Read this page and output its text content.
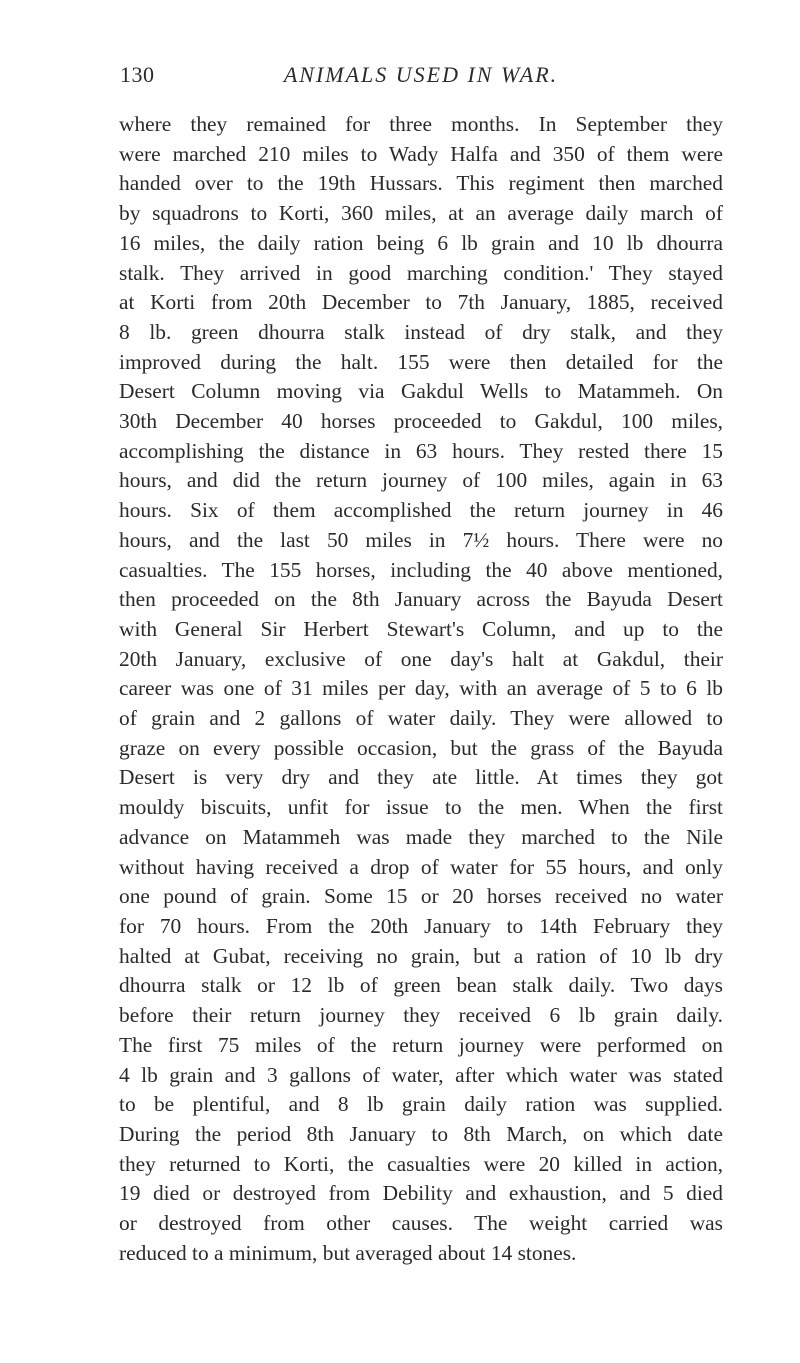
130	ANIMALS USED IN WAR.

where they remained for three months. In September they
were marched 210 miles to Wady Halfa and 350 of them were
handed over to the 19th Hussars. This regiment then marched
by squadrons to Korti, 360 miles, at an average daily march of
16 miles, the daily ration being 6 lb grain and 10 lb dhourra
stalk. They arrived in good marching condition.' They stayed
at Korti from 20th December to 7th January, 1885, received
8 lb. green dhourra stalk instead of dry stalk, and they
improved during the halt. 155 were then detailed for the
Desert Column moving via Gakdul Wells to Matammeh. On
30th December 40 horses proceeded to Gakdul, 100 miles,
accomplishing the distance in 63 hours. They rested there 15
hours, and did the return journey of 100 miles, again in 63
hours. Six of them accomplished the return journey in 46
hours, and the last 50 miles in 7½ hours. There were no
casualties. The 155 horses, including the 40 above mentioned,
then proceeded on the 8th January across the Bayuda Desert
with General Sir Herbert Stewart's Column, and up to the
20th January, exclusive of one day's halt at Gakdul, their
career was one of 31 miles per day, with an average of 5 to 6 lb
of grain and 2 gallons of water daily. They were allowed to
graze on every possible occasion, but the grass of the Bayuda
Desert is very dry and they ate little. At times they got
mouldy biscuits, unfit for issue to the men. When the first
advance on Matammeh was made they marched to the Nile
without having received a drop of water for 55 hours, and only
one pound of grain. Some 15 or 20 horses received no water
for 70 hours. From the 20th January to 14th February they
halted at Gubat, receiving no grain, but a ration of 10 lb dry
dhourra stalk or 12 lb of green bean stalk daily. Two days
before their return journey they received 6 lb grain daily.
The first 75 miles of the return journey were performed on
4 lb grain and 3 gallons of water, after which water was stated
to be plentiful, and 8 lb grain daily ration was supplied.
During the period 8th January to 8th March, on which date
they returned to Korti, the casualties were 20 killed in action,
19 died or destroyed from Debility and exhaustion, and 5 died
or destroyed from other causes. The weight carried was
reduced to a minimum, but averaged about 14 stones.
